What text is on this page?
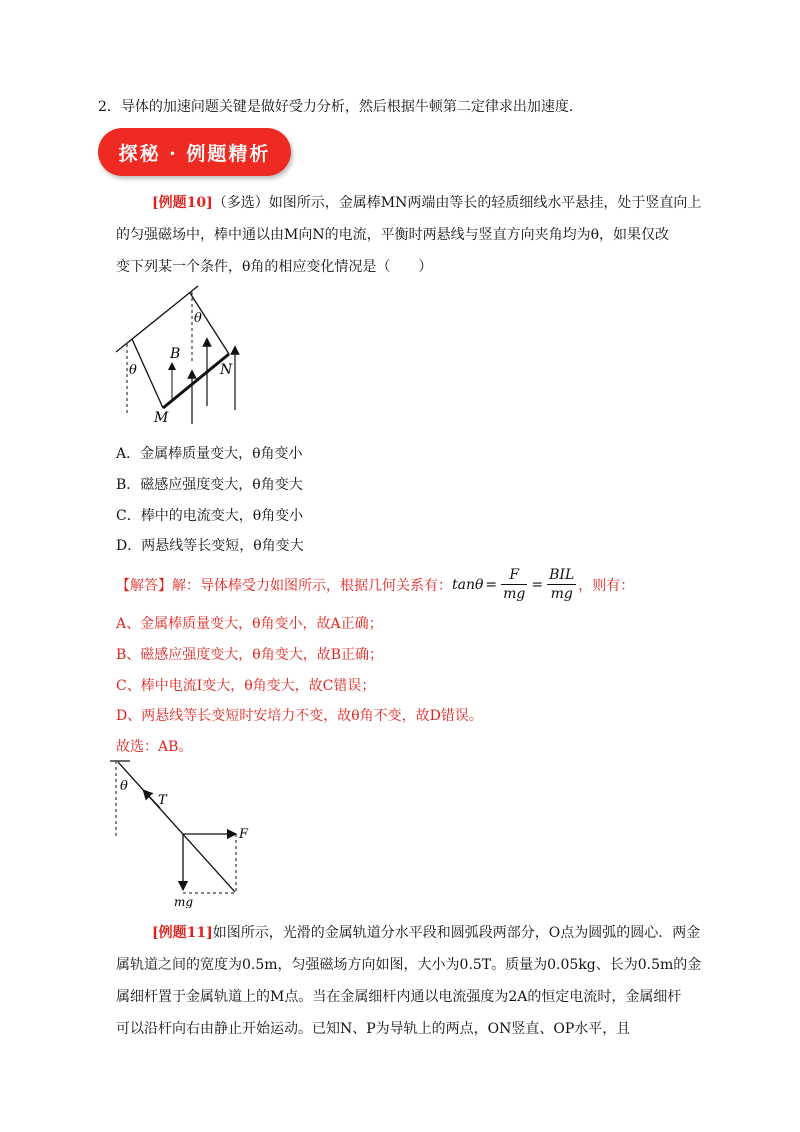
2．导体的加速问题关键是做好受力分析，然后根据牛顿第二定律求出加速度．
探秘 · 例题精析
[例题10]（多选）如图所示，金属棒MN两端由等长的轻质细线水平悬挂，处于竖直向上
的匀强磁场中，棒中通以由M向N的电流，平衡时两悬线与竖直方向夹角均为θ，如果仅改
变下列某一个条件，θ角的相应变化情况是（　　）
θ
θ
B
N
M
A．金属棒质量变大，θ角变小
B．磁感应强度变大，θ角变大
C．棒中的电流变大，θ角变小
D．两悬线等长变短，θ角变大
【解答】解：导体棒受力如图所示，根据几何关系有： $\tan\theta = \frac{F}{mg} = \frac{\text{BIL}}{mg}$ ，则有：
A、金属棒质量变大，θ角变小，故A正确；
B、磁感应强度变大，θ角变大，故B正确；
C、棒中电流I变大，θ角变大，故C错误；
D、两悬线等长变短时安培力不变，故θ角不变，故D错误。
故选：AB。
θ
T
F
mg
[例题11]如图所示，光滑的金属轨道分水平段和圆弧段两部分，O点为圆弧的圆心．两金
属轨道之间的宽度为0.5m，匀强磁场方向如图，大小为0.5T。质量为0.05kg、长为0.5m的金
属细杆置于金属轨道上的M点。当在金属细杆内通以电流强度为2A的恒定电流时，金属细杆
可以沿杆向右由静止开始运动。已知N、P为导轨上的两点，ON竖直、OP水平，且
